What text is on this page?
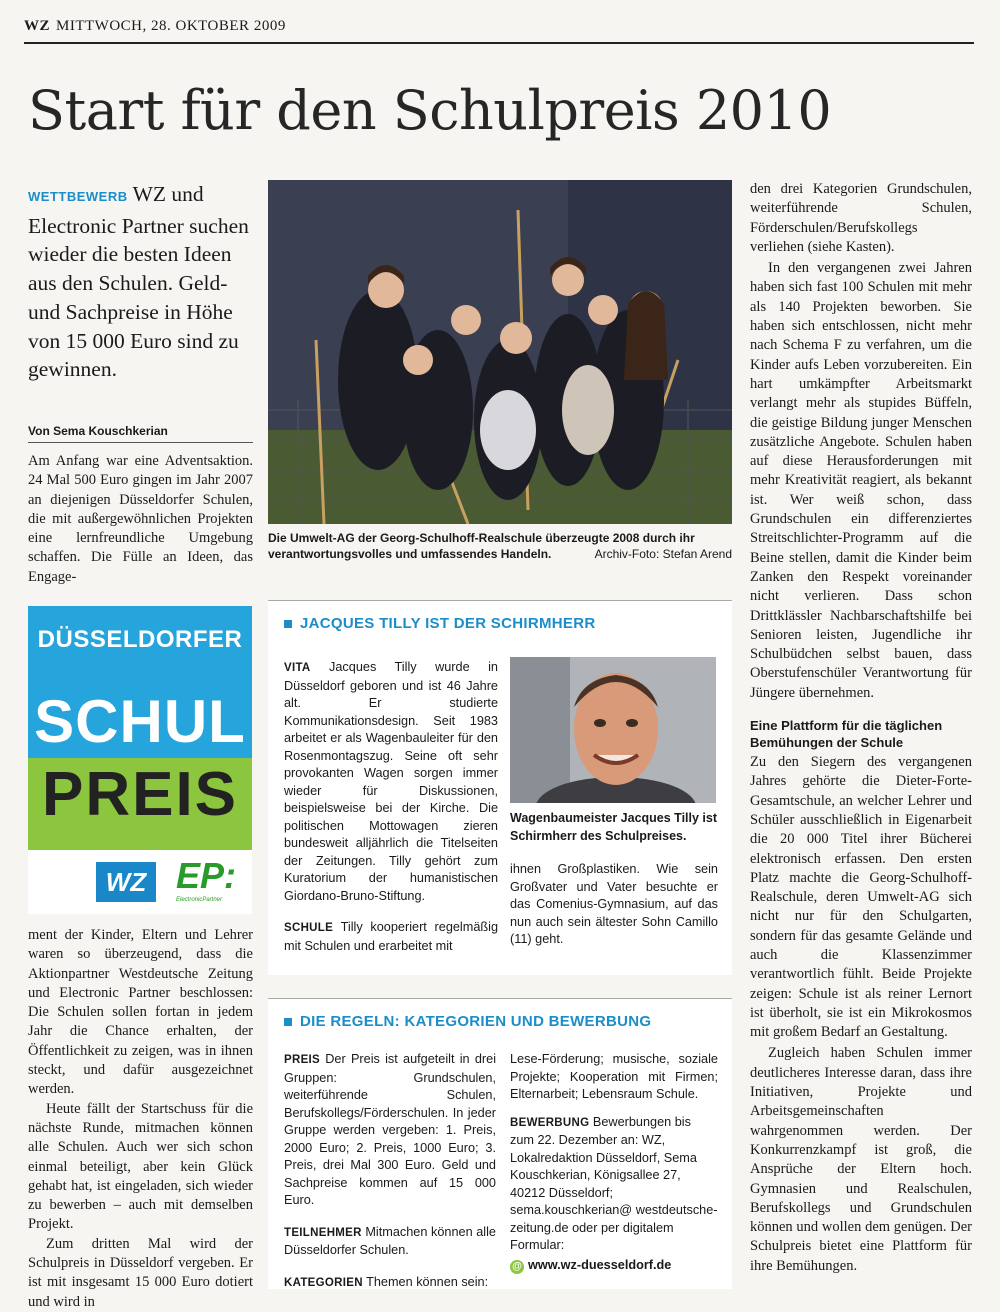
WZ MITTWOCH, 28. OKTOBER 2009
Start für den Schulpreis 2010
WETTBEWERB WZ und Electronic Partner suchen wieder die besten Ideen aus den Schulen. Geld- und Sachpreise in Höhe von 15 000 Euro sind zu gewinnen.
Von Sema Kouschkerian

Am Anfang war eine Adventsaktion. 24 Mal 500 Euro gingen im Jahr 2007 an diejenigen Düsseldorfer Schulen, die mit außergewöhnlichen Projekten eine lernfreundliche Umgebung schaffen. Die Fülle an Ideen, das Engage-

DÜSSELDORFER
SCHUL
PREIS
WZ EP:
ElectronicPartner

ment der Kinder, Eltern und Lehrer waren so überzeugend, dass die Aktionpartner Westdeutsche Zeitung und Electronic Partner beschlossen: Die Schulen sollen fortan in jedem Jahr die Chance erhalten, der Öffentlichkeit zu zeigen, was in ihnen steckt, und dafür ausgezeichnet werden.

Heute fällt der Startschuss für die nächste Runde, mitmachen können alle Schulen. Auch wer sich schon einmal beteiligt, aber kein Glück gehabt hat, ist eingeladen, sich wieder zu bewerben – auch mit demselben Projekt.

Zum dritten Mal wird der Schulpreis in Düsseldorf vergeben. Er ist mit insgesamt 15 000 Euro dotiert und wird in

Die Umwelt-AG der Georg-Schulhoff-Realschule überzeugte 2008 durch ihr verantwortungsvolles und umfassendes Handeln.	Archiv-Foto: Stefan Arend
JACQUES TILLY IST DER SCHIRMHERR

VITA Jacques Tilly wurde in Düsseldorf geboren und ist 46 Jahre alt. Er studierte Kommunikationsdesign. Seit 1983 arbeitet er als Wagenbauleiter für den Rosenmontagszug. Seine oft sehr provokanten Wagen sorgen immer wieder für Diskussionen, beispielsweise bei der Kirche. Die politischen Mottowagen zieren bundesweit alljährlich die Titelseiten der Zeitungen. Tilly gehört zum Kuratorium der humanistischen Giordano-Bruno-Stiftung.

SCHULE Tilly kooperiert regelmäßig mit Schulen und erarbeitet mit

Wagenbaumeister Jacques Tilly ist Schirmherr des Schulpreises.

ihnen Großplastiken. Wie sein Großvater und Vater besuchte er das Comenius-Gymnasium, auf das nun auch sein ältester Sohn Camillo (11) geht.

DIE REGELN: KATEGORIEN UND BEWERBUNG

PREIS Der Preis ist aufgeteilt in drei Gruppen: Grundschulen, weiterführende Schulen, Berufskollegs/Förderschulen. In jeder Gruppe werden vergeben: 1. Preis, 2000 Euro; 2. Preis, 1000 Euro; 3. Preis, drei Mal 300 Euro. Geld und Sachpreise kommen auf 15 000 Euro.

TEILNEHMER Mitmachen können alle Düsseldorfer Schulen.

KATEGORIEN Themen können sein:

Lese-Förderung; musische, soziale Projekte; Kooperation mit Firmen; Elternarbeit; Lebensraum Schule.

BEWERBUNG Bewerbungen bis zum 22. Dezember an: WZ, Lokalredaktion Düsseldorf, Sema Kouschkerian, Königsallee 27, 40212 Düsseldorf; sema.kouschkerian@ westdeutsche-zeitung.de oder per digitalem Formular:

@ www.wz-duesseldorf.de

den drei Kategorien Grundschulen, weiterführende Schulen, Förderschulen/Berufskollegs verliehen (siehe Kasten).

In den vergangenen zwei Jahren haben sich fast 100 Schulen mit mehr als 140 Projekten beworben. Sie haben sich entschlossen, nicht mehr nach Schema F zu verfahren, um die Kinder aufs Leben vorzubereiten. Ein hart umkämpfter Arbeitsmarkt verlangt mehr als stupides Büffeln, die geistige Bildung junger Menschen zusätzliche Angebote. Schulen haben auf diese Herausforderungen mit mehr Kreativität reagiert, als bekannt ist. Wer weiß schon, dass Grundschulen ein differenziertes Streitschlichter-Programm auf die Beine stellen, damit die Kinder beim Zanken den Respekt voreinander nicht verlieren. Dass schon Drittklässler Nachbarschaftshilfe bei Senioren leisten, Jugendliche ihr Schulbüdchen selbst bauen, dass Oberstufenschüler Verantwortung für Jüngere übernehmen.

Eine Plattform für die täglichen Bemühungen der Schule

Zu den Siegern des vergangenen Jahres gehörte die Dieter-Forte-Gesamtschule, an welcher Lehrer und Schüler ausschließlich in Eigenarbeit die 20 000 Titel ihrer Bücherei elektronisch erfassen. Den ersten Platz machte die Georg-Schulhoff-Realschule, deren Umwelt-AG sich nicht nur für den Schulgarten, sondern für das gesamte Gelände und auch die Klassenzimmer verantwortlich fühlt. Beide Projekte zeigen: Schule ist als reiner Lernort ist überholt, sie ist ein Mikrokosmos mit großem Bedarf an Gestaltung.

Zugleich haben Schulen immer deutlicheres Interesse daran, dass ihre Initiativen, Projekte und Arbeitsgemeinschaften wahrgenommen werden. Der Konkurrenzkampf ist groß, die Ansprüche der Eltern hoch. Gymnasien und Realschulen, Berufskollegs und Grundschulen können und wollen dem genügen. Der Schulpreis bietet eine Plattform für ihre Bemühungen.
